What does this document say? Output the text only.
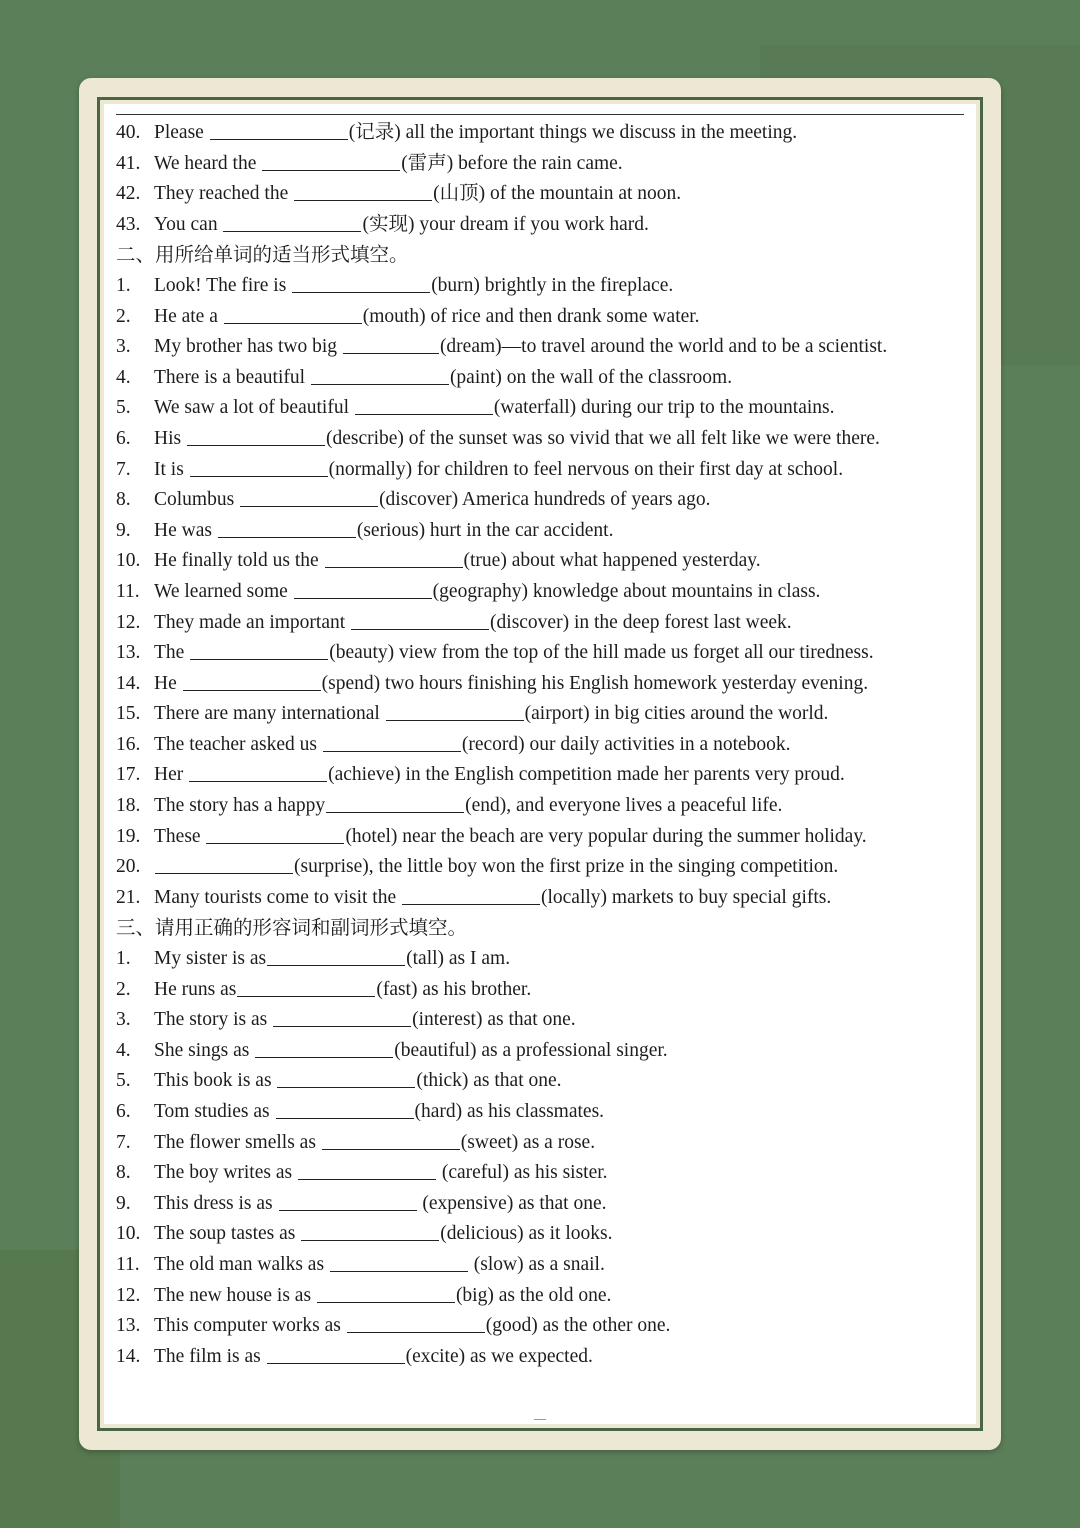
40. Please	(记录) all the important things we discuss in the meeting.
41. We heard the	(雷声) before the rain came.
42. They reached the	(山顶) of the mountain at noon.
43. You can	(实现) your dream if you work hard.
二、用所给单词的适当形式填空。
1. Look! The fire is	(burn) brightly in the fireplace.
2. He ate a	(mouth) of rice and then drank some water.
3. My brother has two big	(dream)—to travel around the world and to be a scientist.
4. There is a beautiful	(paint) on the wall of the classroom.
5. We saw a lot of beautiful	(waterfall) during our trip to the mountains.
6. His	(describe) of the sunset was so vivid that we all felt like we were there.
7. It is	(normally) for children to feel nervous on their first day at school.
8. Columbus	(discover) America hundreds of years ago.
9. He was	(serious) hurt in the car accident.
10. He finally told us the	(true) about what happened yesterday.
11. We learned some	(geography) knowledge about mountains in class.
12. They made an important	(discover) in the deep forest last week.
13. The	(beauty) view from the top of the hill made us forget all our tiredness.
14. He	(spend) two hours finishing his English homework yesterday evening.
15. There are many international	(airport) in big cities around the world.
16. The teacher asked us	(record) our daily activities in a notebook.
17. Her	(achieve) in the English competition made her parents very proud.
18. The story has a happy	(end), and everyone lives a peaceful life.
19. These	(hotel) near the beach are very popular during the summer holiday.
20.	(surprise), the little boy won the first prize in the singing competition.
21. Many tourists come to visit the	(locally) markets to buy special gifts.
三、请用正确的形容词和副词形式填空。
1. My sister is as	(tall) as I am.
2. He runs as	(fast) as his brother.
3. The story is as	(interest) as that one.
4. She sings as	(beautiful) as a professional singer.
5. This book is as	(thick) as that one.
6. Tom studies as	(hard) as his classmates.
7. The flower smells as	(sweet) as a rose.
8. The boy writes as	(careful) as his sister.
9. This dress is as	(expensive) as that one.
10. The soup tastes as	(delicious) as it looks.
11. The old man walks as	(slow) as a snail.
12. The new house is as	(big) as the old one.
13. This computer works as	(good) as the other one.
14. The film is as	(excite) as we expected.
